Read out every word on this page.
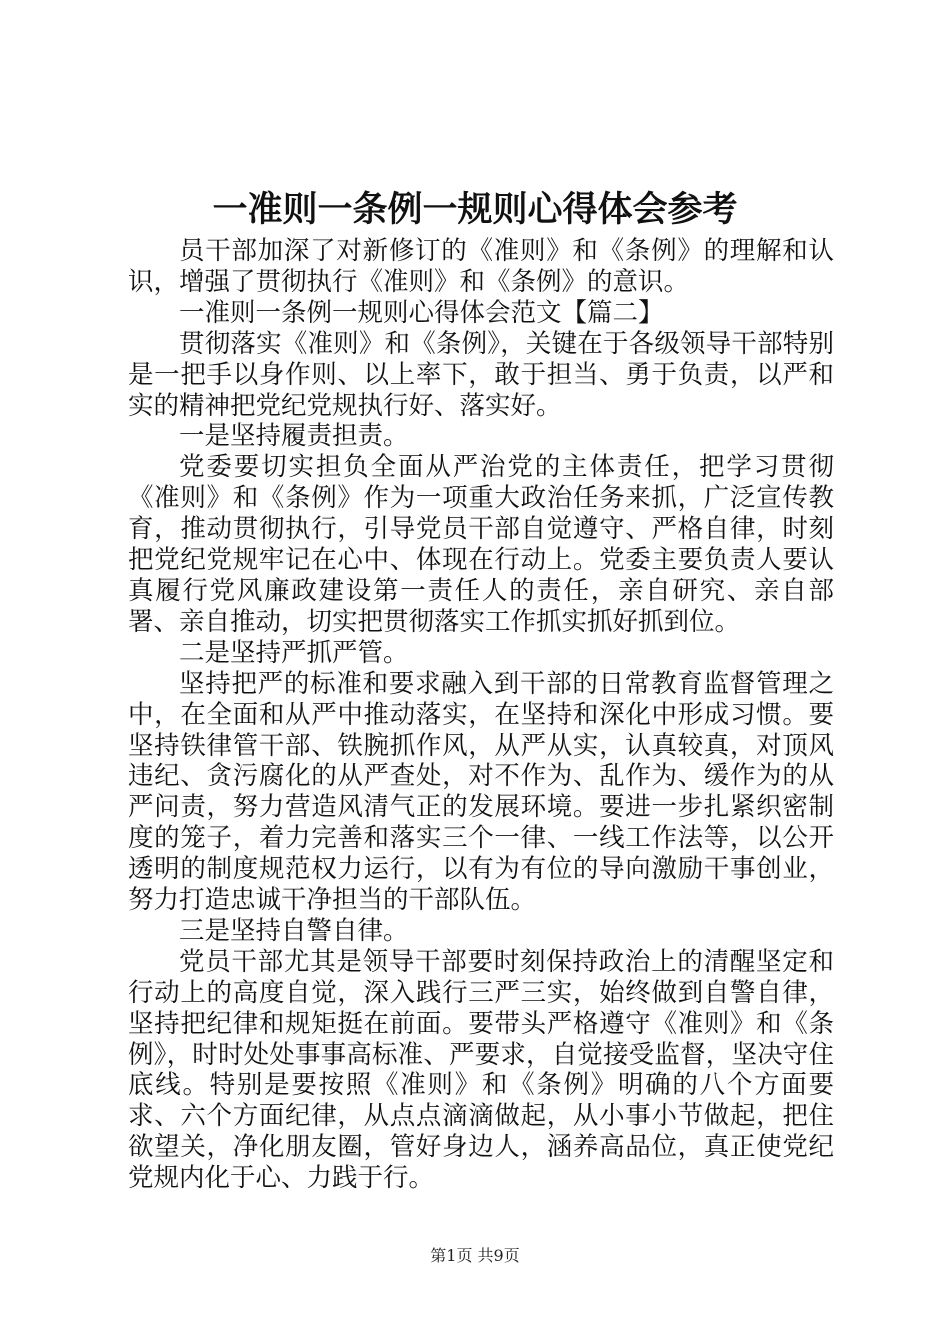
一准则一条例一规则心得体会参考

员干部加深了对新修订的《准则》和《条例》的理解和认识，增强了贯彻执行《准则》和《条例》的意识。

一准则一条例一规则心得体会范文【篇二】

贯彻落实《准则》和《条例》，关键在于各级领导干部特别是一把手以身作则、以上率下，敢于担当、勇于负责，以严和实的精神把党纪党规执行好、落实好。

一是坚持履责担责。

党委要切实担负全面从严治党的主体责任，把学习贯彻《准则》和《条例》作为一项重大政治任务来抓，广泛宣传教育，推动贯彻执行，引导党员干部自觉遵守、严格自律，时刻把党纪党规牢记在心中、体现在行动上。党委主要负责人要认真履行党风廉政建设第一责任人的责任，亲自研究、亲自部署、亲自推动，切实把贯彻落实工作抓实抓好抓到位。

二是坚持严抓严管。

坚持把严的标准和要求融入到干部的日常教育监督管理之中，在全面和从严中推动落实，在坚持和深化中形成习惯。要坚持铁律管干部、铁腕抓作风，从严从实，认真较真，对顶风违纪、贪污腐化的从严查处，对不作为、乱作为、缓作为的从严问责，努力营造风清气正的发展环境。要进一步扎紧织密制度的笼子，着力完善和落实三个一律、一线工作法等，以公开透明的制度规范权力运行，以有为有位的导向激励干事创业，努力打造忠诚干净担当的干部队伍。

三是坚持自警自律。

党员干部尤其是领导干部要时刻保持政治上的清醒坚定和行动上的高度自觉，深入践行三严三实，始终做到自警自律，坚持把纪律和规矩挺在前面。要带头严格遵守《准则》和《条例》，时时处处事事高标准、严要求，自觉接受监督，坚决守住底线。特别是要按照《准则》和《条例》明确的八个方面要求、六个方面纪律，从点点滴滴做起，从小事小节做起，把住欲望关，净化朋友圈，管好身边人，涵养高品位，真正使党纪党规内化于心、力践于行。

第1页 共9页
